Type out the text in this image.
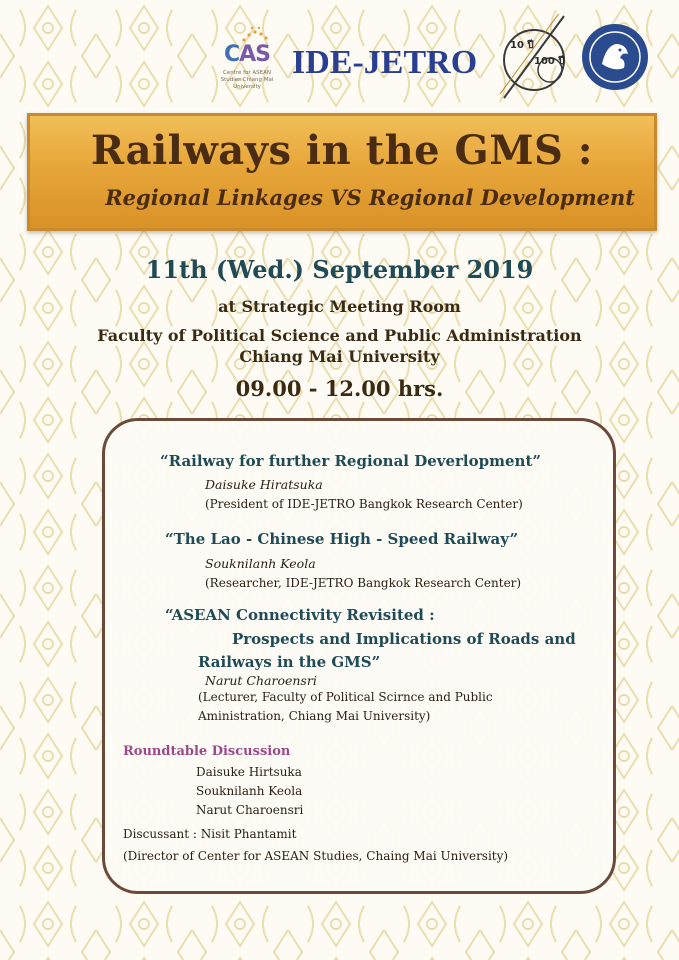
CAS
Centre for ASEAN Studies Chiang Mai University
IDE-JETRO	10 ปี
100 ปี
Railways in the GMS :
Regional Linkages VS Regional Development
11th (Wed.) September 2019
at Strategic Meeting Room
Faculty of Political Science and Public Administration
Chiang Mai University
09.00 - 12.00 hrs.
“Railway for further Regional Deverlopment”
Daisuke Hiratsuka
(President of IDE-JETRO Bangkok Research Center)
“The Lao - Chinese High - Speed Railway”
Souknilanh Keola
(Researcher, IDE-JETRO Bangkok Research Center)
“ASEAN Connectivity Revisited :
Prospects and Implications of Roads and
Railways in the GMS”
Narut Charoensri
(Lecturer, Faculty of Political Scirnce and Public
Aministration, Chiang Mai University)
Roundtable Discussion
Daisuke Hirtsuka
Souknilanh Keola
Narut Charoensri
Discussant : Nisit Phantamit
(Director of Center for ASEAN Studies, Chaing Mai University)
